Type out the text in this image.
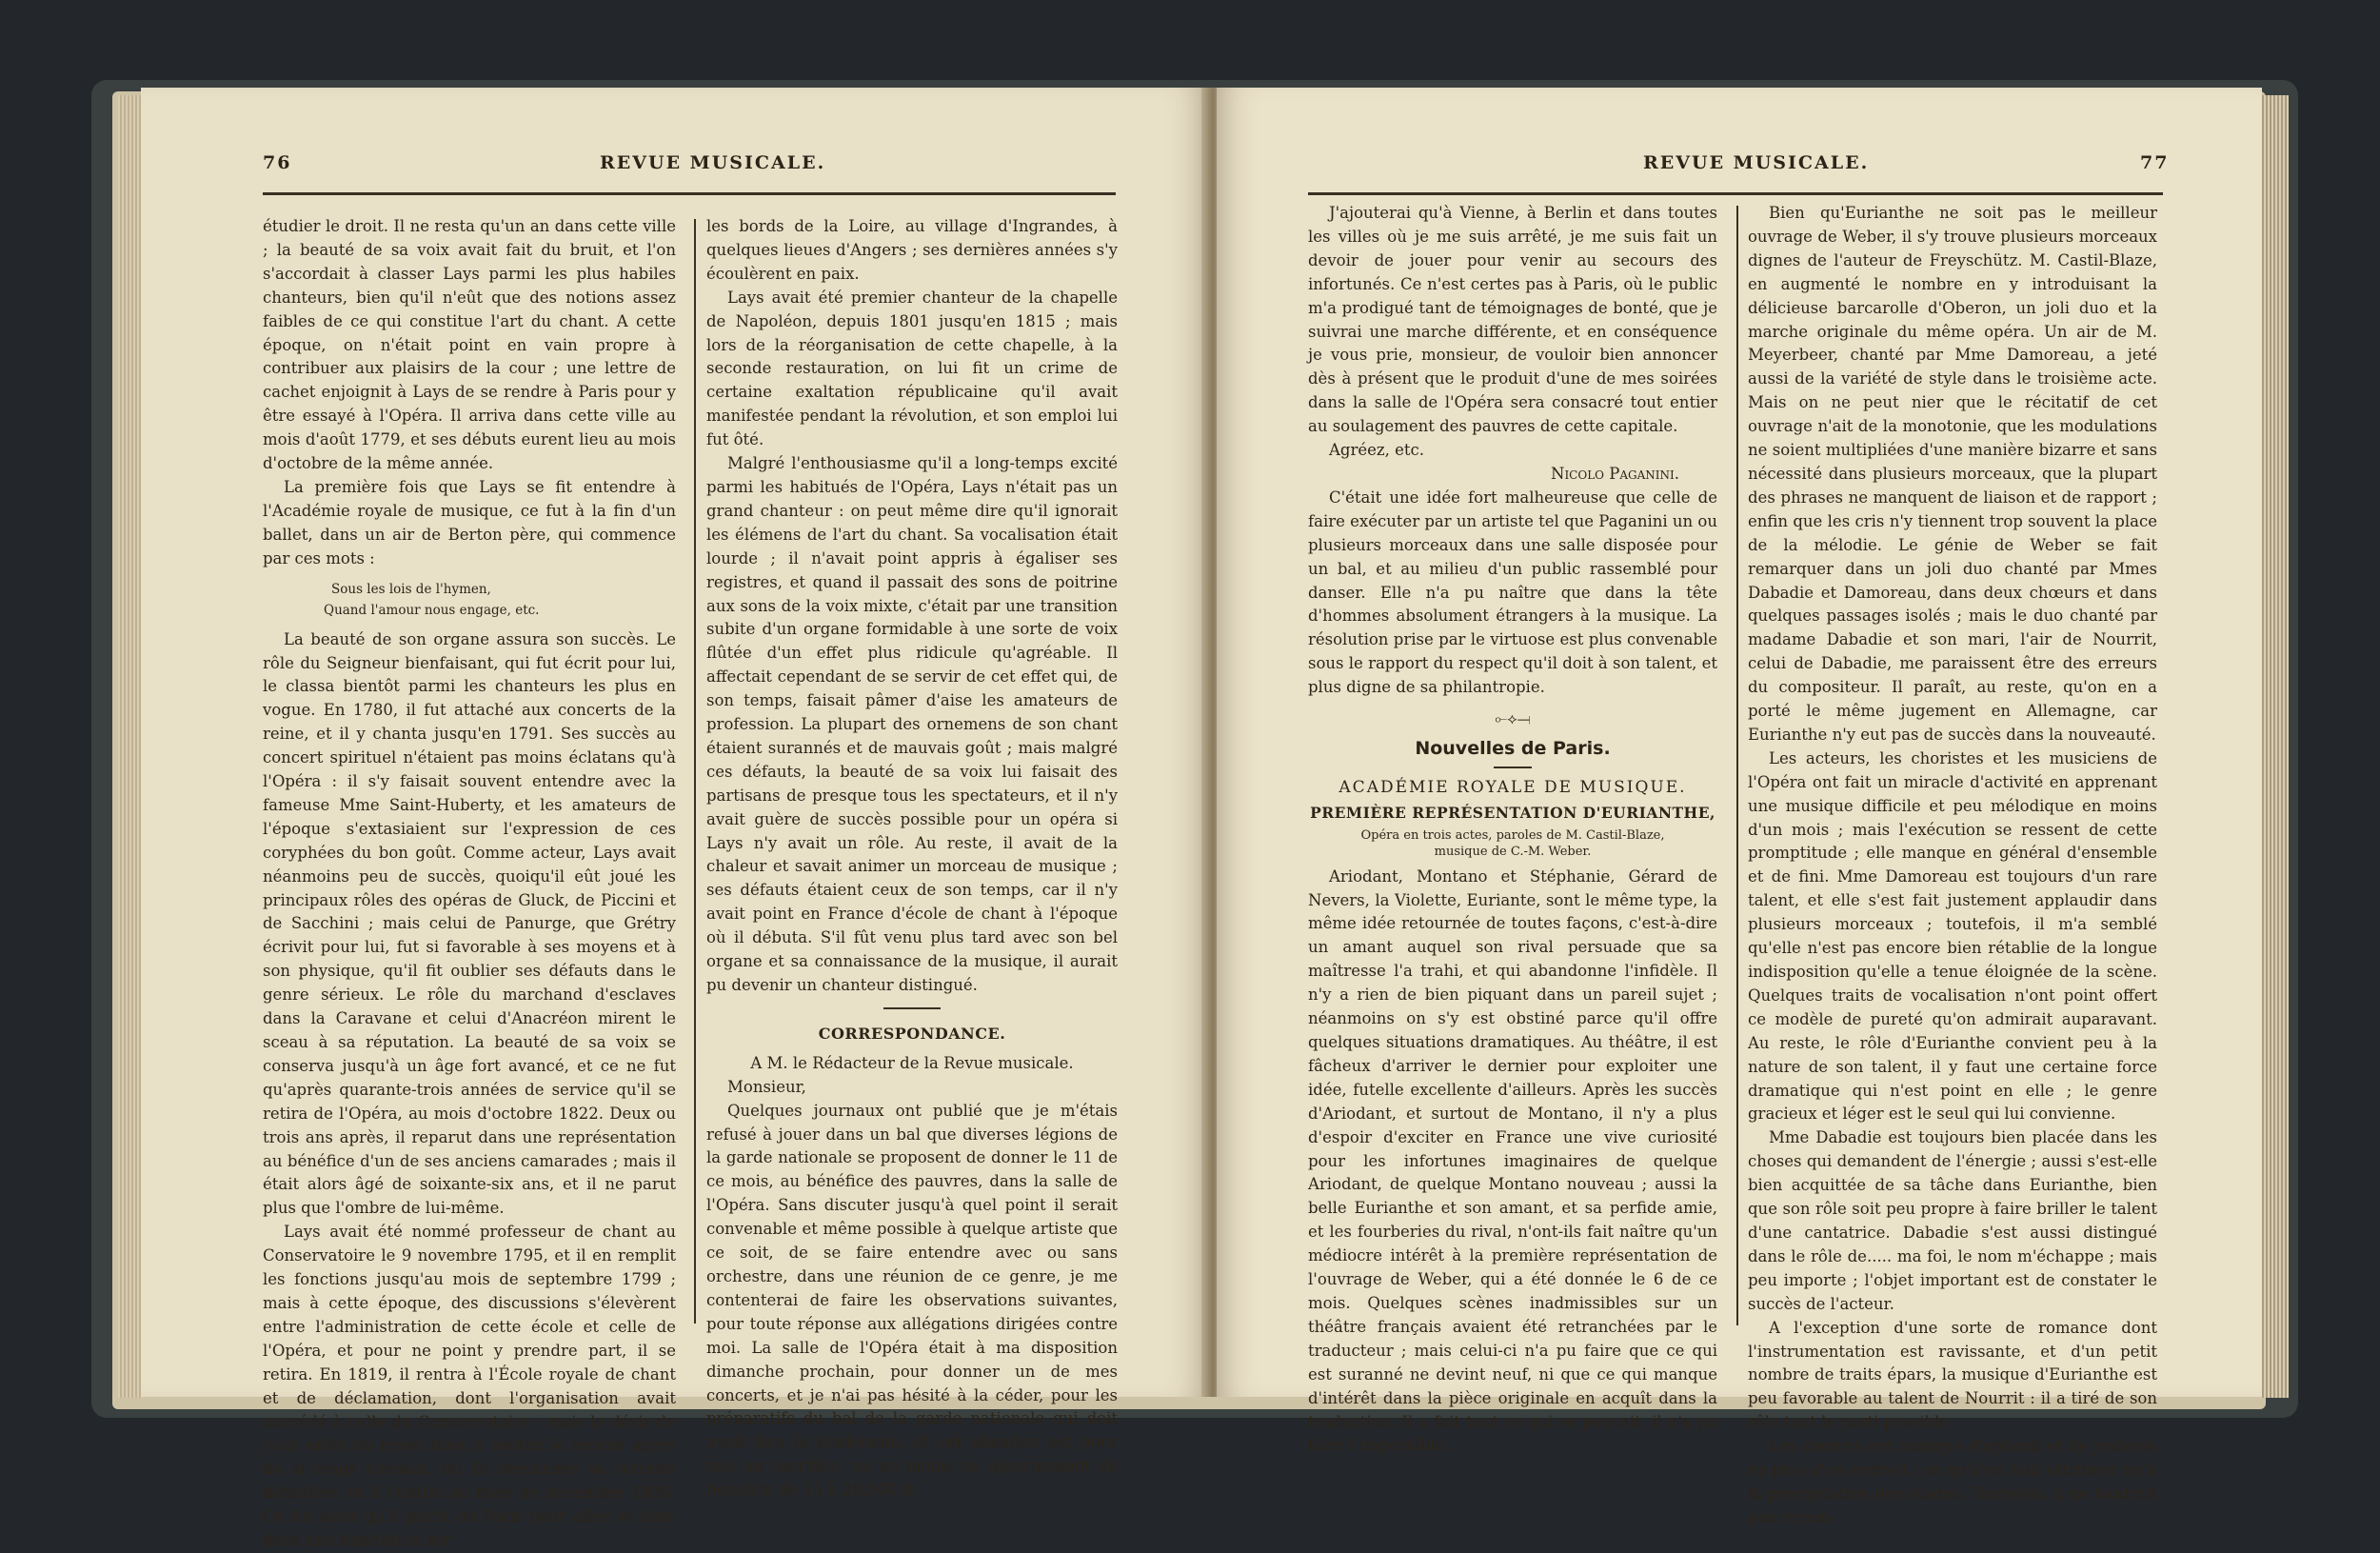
76	REVUE MUSICALE.

étudier le droit. Il ne resta qu'un an dans cette ville ; la beauté de sa voix avait fait du bruit, et l'on s'accordait à classer Lays parmi les plus habiles chanteurs, bien qu'il n'eût que des notions assez faibles de ce qui constitue l'art du chant. A cette époque, on n'était point en vain propre à contribuer aux plaisirs de la cour ; une lettre de cachet enjoignit à Lays de se rendre à Paris pour y être essayé à l'Opéra. Il arriva dans cette ville au mois d'août 1779, et ses débuts eurent lieu au mois d'octobre de la même année.

La première fois que Lays se fit entendre à l'Académie royale de musique, ce fut à la fin d'un ballet, dans un air de Berton père, qui commence par ces mots :

Sous les lois de l'hymen,
Quand l'amour nous engage, etc.

La beauté de son organe assura son succès. Le rôle du Seigneur bienfaisant, qui fut écrit pour lui, le classa bientôt parmi les chanteurs les plus en vogue. En 1780, il fut attaché aux concerts de la reine, et il y chanta jusqu'en 1791. Ses succès au concert spirituel n'étaient pas moins éclatans qu'à l'Opéra : il s'y faisait souvent entendre avec la fameuse Mme Saint-Huberty, et les amateurs de l'époque s'extasiaient sur l'expression de ces coryphées du bon goût. Comme acteur, Lays avait néanmoins peu de succès, quoiqu'il eût joué les principaux rôles des opéras de Gluck, de Piccini et de Sacchini ; mais celui de Panurge, que Grétry écrivit pour lui, fut si favorable à ses moyens et à son physique, qu'il fit oublier ses défauts dans le genre sérieux. Le rôle du marchand d'esclaves dans la Caravane et celui d'Anacréon mirent le sceau à sa réputation. La beauté de sa voix se conserva jusqu'à un âge fort avancé, et ce ne fut qu'après quarante-trois années de service qu'il se retira de l'Opéra, au mois d'octobre 1822. Deux ou trois ans après, il reparut dans une représentation au bénéfice d'un de ses anciens camarades ; mais il était alors âgé de soixante-six ans, et il ne parut plus que l'ombre de lui-même.

Lays avait été nommé professeur de chant au Conservatoire le 9 novembre 1795, et il en remplit les fonctions jusqu'au mois de septembre 1799 ; mais à cette époque, des discussions s'élevèrent entre l'administration de cette école et celle de l'Opéra, et pour ne point y prendre part, il se retira. En 1819, il rentra à l'École royale de chant et de déclamation, dont l'organisation avait succédé à celle du Conservatoire ; mais le désir de jouir enfin du repos dont il sentait le besoin après de si longs travaux, lui fit demander sa retraite définitive, et il l'obtint au mois de décembre 1826. Ce fut alors qu'il partit de Paris pour aller se fixer dans une habitation sur

les bords de la Loire, au village d'Ingrandes, à quelques lieues d'Angers ; ses dernières années s'y écoulèrent en paix.

Lays avait été premier chanteur de la chapelle de Napoléon, depuis 1801 jusqu'en 1815 ; mais lors de la réorganisation de cette chapelle, à la seconde restauration, on lui fit un crime de certaine exaltation républicaine qu'il avait manifestée pendant la révolution, et son emploi lui fut ôté.

Malgré l'enthousiasme qu'il a long-temps excité parmi les habitués de l'Opéra, Lays n'était pas un grand chanteur : on peut même dire qu'il ignorait les élémens de l'art du chant. Sa vocalisation était lourde ; il n'avait point appris à égaliser ses registres, et quand il passait des sons de poitrine aux sons de la voix mixte, c'était par une transition subite d'un organe formidable à une sorte de voix flûtée d'un effet plus ridicule qu'agréable. Il affectait cependant de se servir de cet effet qui, de son temps, faisait pâmer d'aise les amateurs de profession. La plupart des ornemens de son chant étaient surannés et de mauvais goût ; mais malgré ces défauts, la beauté de sa voix lui faisait des partisans de presque tous les spectateurs, et il n'y avait guère de succès possible pour un opéra si Lays n'y avait un rôle. Au reste, il avait de la chaleur et savait animer un morceau de musique ; ses défauts étaient ceux de son temps, car il n'y avait point en France d'école de chant à l'époque où il débuta. S'il fût venu plus tard avec son bel organe et sa connaissance de la musique, il aurait pu devenir un chanteur distingué.

CORRESPONDANCE.

A M. le Rédacteur de la Revue musicale.

Monsieur,

Quelques journaux ont publié que je m'étais refusé à jouer dans un bal que diverses légions de la garde nationale se proposent de donner le 11 de ce mois, au bénéfice des pauvres, dans la salle de l'Opéra. Sans discuter jusqu'à quel point il serait convenable et même possible à quelque artiste que ce soit, de se faire entendre avec ou sans orchestre, dans une réunion de ce genre, je me contenterai de faire les observations suivantes, pour toute réponse aux allégations dirigées contre moi. La salle de l'Opéra était à ma disposition dimanche prochain, pour donner un de mes concerts, et je n'ai pas hésité à la céder, pour les préparatifs du bal de la garde nationale qui doit avoir lieu le lendemain, et cet abandon est pour moi un sacrifice, ou au moins un ajournement de bénéfice de 15 à 20,000 fr.

REVUE MUSICALE.	77

J'ajouterai qu'à Vienne, à Berlin et dans toutes les villes où je me suis arrêté, je me suis fait un devoir de jouer pour venir au secours des infortunés. Ce n'est certes pas à Paris, où le public m'a prodigué tant de témoignages de bonté, que je suivrai une marche différente, et en conséquence je vous prie, monsieur, de vouloir bien annoncer dès à présent que le produit d'une de mes soirées dans la salle de l'Opéra sera consacré tout entier au soulagement des pauvres de cette capitale.

Agréez, etc.

Nicolo Paganini.

C'était une idée fort malheureuse que celle de faire exécuter par un artiste tel que Paganini un ou plusieurs morceaux dans une salle disposée pour un bal, et au milieu d'un public rassemblé pour danser. Elle n'a pu naître que dans la tête d'hommes absolument étrangers à la musique. La résolution prise par le virtuose est plus convenable sous le rapport du respect qu'il doit à son talent, et plus digne de sa philantropie.

⟜⟡⟞
Nouvelles de Paris.
ACADÉMIE ROYALE DE MUSIQUE.
PREMIÈRE REPRÉSENTATION D'EURIANTHE,
Opéra en trois actes, paroles de M. Castil-Blaze,
musique de C.-M. Weber.

Ariodant, Montano et Stéphanie, Gérard de Nevers, la Violette, Euriante, sont le même type, la même idée retournée de toutes façons, c'est-à-dire un amant auquel son rival persuade que sa maîtresse l'a trahi, et qui abandonne l'infidèle. Il n'y a rien de bien piquant dans un pareil sujet ; néanmoins on s'y est obstiné parce qu'il offre quelques situations dramatiques. Au théâtre, il est fâcheux d'arriver le dernier pour exploiter une idée, futelle excellente d'ailleurs. Après les succès d'Ariodant, et surtout de Montano, il n'y a plus d'espoir d'exciter en France une vive curiosité pour les infortunes imaginaires de quelque Ariodant, de quelque Montano nouveau ; aussi la belle Eurianthe et son amant, et sa perfide amie, et les fourberies du rival, n'ont-ils fait naître qu'un médiocre intérêt à la première représentation de l'ouvrage de Weber, qui a été donnée le 6 de ce mois. Quelques scènes inadmissibles sur un théâtre français avaient été retranchées par le traducteur ; mais celui-ci n'a pu faire que ce qui est suranné ne devint neuf, ni que ce qui manque d'intérêt dans la pièce originale en acquît dans la traduction. Il a fait tout ce qui se pouvait, il n'a pu faire l'impossible.

Bien qu'Eurianthe ne soit pas le meilleur ouvrage de Weber, il s'y trouve plusieurs morceaux dignes de l'auteur de Freyschütz. M. Castil-Blaze, en augmenté le nombre en y introduisant la délicieuse barcarolle d'Oberon, un joli duo et la marche originale du même opéra. Un air de M. Meyerbeer, chanté par Mme Damoreau, a jeté aussi de la variété de style dans le troisième acte. Mais on ne peut nier que le récitatif de cet ouvrage n'ait de la monotonie, que les modulations ne soient multipliées d'une manière bizarre et sans nécessité dans plusieurs morceaux, que la plupart des phrases ne manquent de liaison et de rapport ; enfin que les cris n'y tiennent trop souvent la place de la mélodie. Le génie de Weber se fait remarquer dans un joli duo chanté par Mmes Dabadie et Damoreau, dans deux chœurs et dans quelques passages isolés ; mais le duo chanté par madame Dabadie et son mari, l'air de Nourrit, celui de Dabadie, me paraissent être des erreurs du compositeur. Il paraît, au reste, qu'on en a porté le même jugement en Allemagne, car Eurianthe n'y eut pas de succès dans la nouveauté.

Les acteurs, les choristes et les musiciens de l'Opéra ont fait un miracle d'activité en apprenant une musique difficile et peu mélodique en moins d'un mois ; mais l'exécution se ressent de cette promptitude ; elle manque en général d'ensemble et de fini. Mme Damoreau est toujours d'un rare talent, et elle s'est fait justement applaudir dans plusieurs morceaux ; toutefois, il m'a semblé qu'elle n'est pas encore bien rétablie de la longue indisposition qu'elle a tenue éloignée de la scène. Quelques traits de vocalisation n'ont point offert ce modèle de pureté qu'on admirait auparavant. Au reste, le rôle d'Eurianthe convient peu à la nature de son talent, il y faut une certaine force dramatique qui n'est point en elle ; le genre gracieux et léger est le seul qui lui convienne.

Mme Dabadie est toujours bien placée dans les choses qui demandent de l'énergie ; aussi s'est-elle bien acquittée de sa tâche dans Eurianthe, bien que son rôle soit peu propre à faire briller le talent d'une cantatrice. Dabadie s'est aussi distingué dans le rôle de..... ma foi, le nom m'échappe ; mais peu importe ; l'objet important est de constater le succès de l'acteur.

A l'exception d'une sorte de romance dont l'instrumentation est ravissante, et d'un petit nombre de traits épars, la musique d'Eurianthe est peu favorable au talent de Nourrit : il a tiré de son rôle tout le parti possible.

Les chœurs ont manqué d'aplomb et de justesse en plus d'un endroit ; ce qu'il ne faut attribuer qu'à la précipitation des études. Toutefois, il ne faudrait pas recom-
